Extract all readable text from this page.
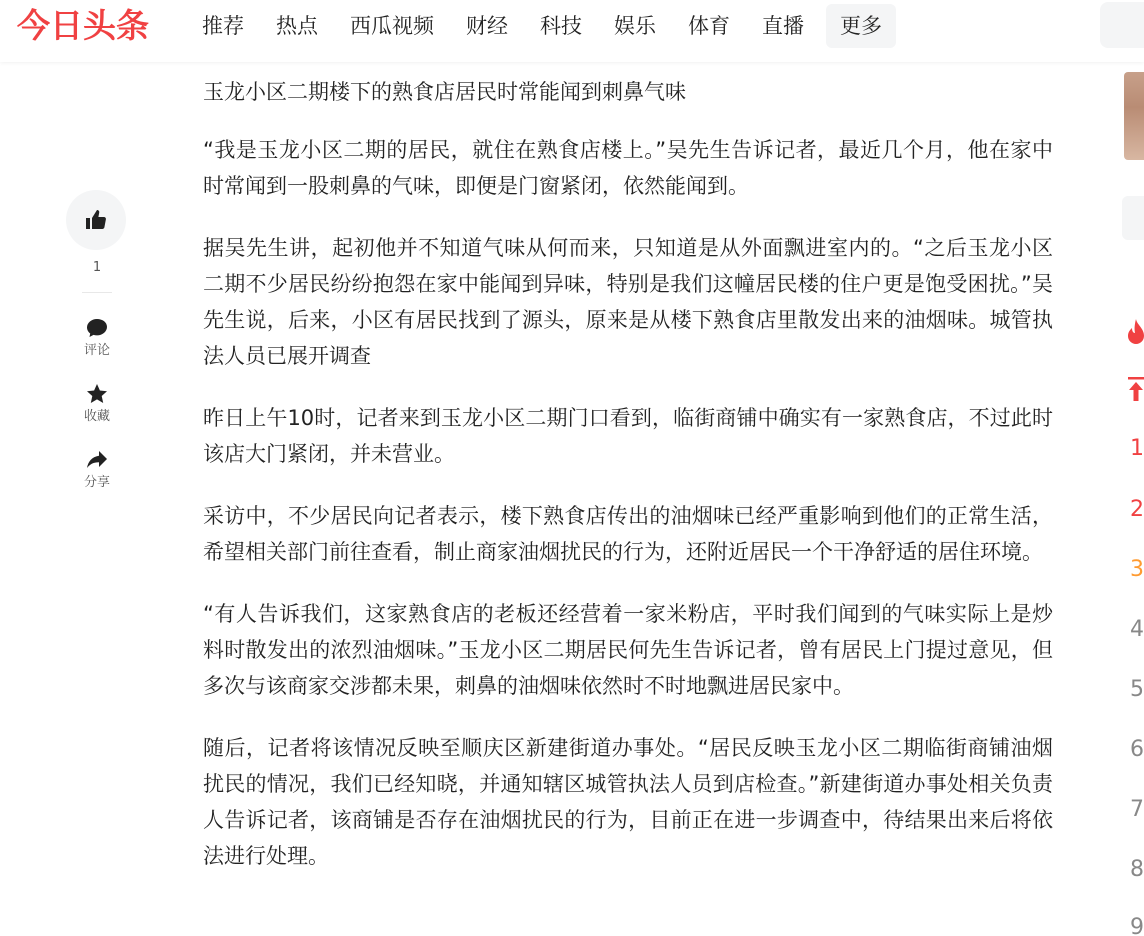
今日头条	推荐	热点	西瓜视频	财经	科技	娱乐	体育	直播	更多
1
评论
收藏
分享

玉龙小区二期楼下的熟食店居民时常能闻到刺鼻气味

“我是玉龙小区二期的居民，就住在熟食店楼上。”吴先生告诉记者，最近几个月，他在家中时常闻到一股刺鼻的气味，即便是门窗紧闭，依然能闻到。

据吴先生讲，起初他并不知道气味从何而来，只知道是从外面飘进室内的。“之后玉龙小区二期不少居民纷纷抱怨在家中能闻到异味，特别是我们这幢居民楼的住户更是饱受困扰。”吴先生说，后来，小区有居民找到了源头，原来是从楼下熟食店里散发出来的油烟味。城管执法人员已展开调查

昨日上午10时，记者来到玉龙小区二期门口看到，临街商铺中确实有一家熟食店，不过此时该店大门紧闭，并未营业。

采访中，不少居民向记者表示，楼下熟食店传出的油烟味已经严重影响到他们的正常生活，希望相关部门前往查看，制止商家油烟扰民的行为，还附近居民一个干净舒适的居住环境。

“有人告诉我们，这家熟食店的老板还经营着一家米粉店，平时我们闻到的气味实际上是炒料时散发出的浓烈油烟味。”玉龙小区二期居民何先生告诉记者，曾有居民上门提过意见，但多次与该商家交涉都未果，刺鼻的油烟味依然时不时地飘进居民家中。

随后，记者将该情况反映至顺庆区新建街道办事处。“居民反映玉龙小区二期临街商铺油烟扰民的情况，我们已经知晓，并通知辖区城管执法人员到店检查。”新建街道办事处相关负责人告诉记者，该商铺是否存在油烟扰民的行为，目前正在进一步调查中，待结果出来后将依法进行处理。

1
2
3
4
5
6
7
8
9
